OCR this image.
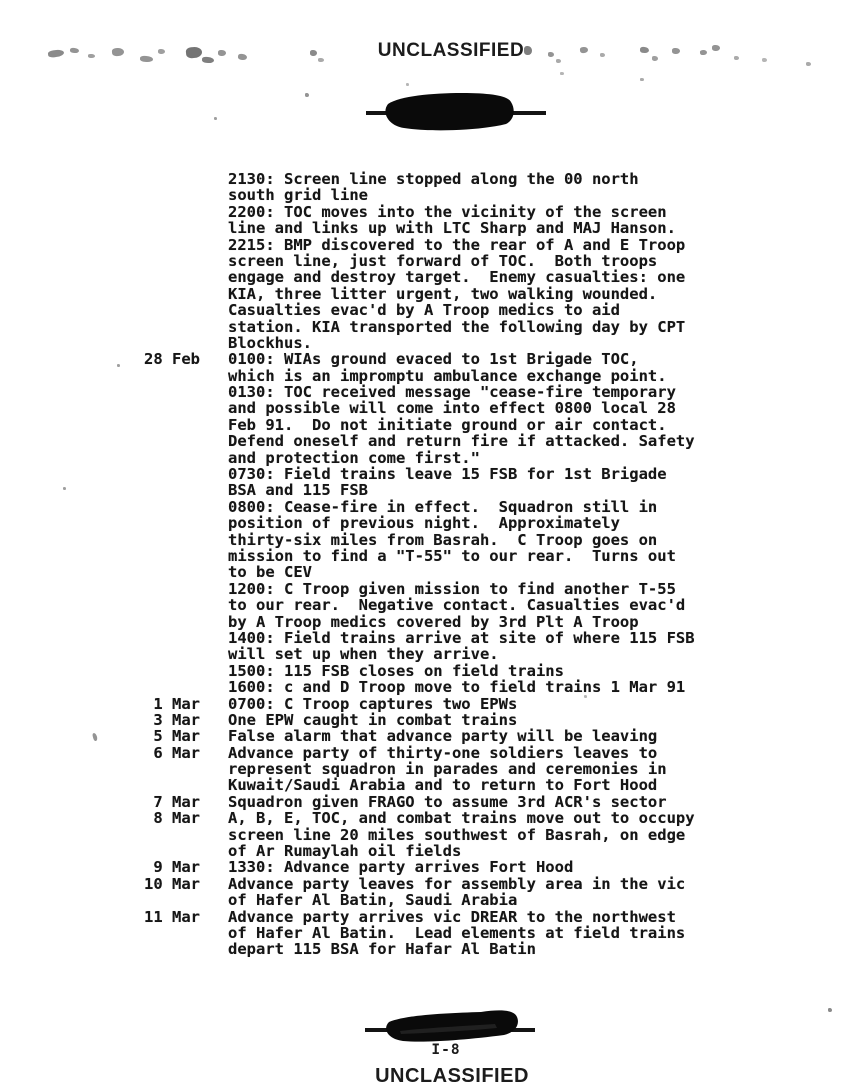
UNCLASSIFIED
2130: Screen line stopped along the 00 north
south grid line
2200: TOC moves into the vicinity of the screen
line and links up with LTC Sharp and MAJ Hanson.
2215: BMP discovered to the rear of A and E Troop
screen line, just forward of TOC.  Both troops
engage and destroy target.  Enemy casualties: one
KIA, three litter urgent, two walking wounded.
Casualties evac'd by A Troop medics to aid
station. KIA transported the following day by CPT
Blockhus.
28 Feb 0100: WIAs ground evaced to 1st Brigade TOC,
which is an impromptu ambulance exchange point.
0130: TOC received message "cease-fire temporary
and possible will come into effect 0800 local 28
Feb 91.  Do not initiate ground or air contact.
Defend oneself and return fire if attacked. Safety
and protection come first."
0730: Field trains leave 15 FSB for 1st Brigade
BSA and 115 FSB
0800: Cease-fire in effect.  Squadron still in
position of previous night.  Approximately
thirty-six miles from Basrah.  C Troop goes on
mission to find a "T-55" to our rear.  Turns out
to be CEV
1200: C Troop given mission to find another T-55
to our rear.  Negative contact. Casualties evac'd
by A Troop medics covered by 3rd Plt A Troop
1400: Field trains arrive at site of where 115 FSB
will set up when they arrive.
1500: 115 FSB closes on field trains
1600: c and D Troop move to field trains 1 Mar 91
1 Mar 0700: C Troop captures two EPWs
3 Mar One EPW caught in combat trains
5 Mar False alarm that advance party will be leaving
6 Mar Advance party of thirty-one soldiers leaves to
represent squadron in parades and ceremonies in
Kuwait/Saudi Arabia and to return to Fort Hood
7 Mar Squadron given FRAGO to assume 3rd ACR's sector
8 Mar A, B, E, TOC, and combat trains move out to occupy
screen line 20 miles southwest of Basrah, on edge
of Ar Rumaylah oil fields
9 Mar 1330: Advance party arrives Fort Hood
10 Mar Advance party leaves for assembly area in the vic
of Hafer Al Batin, Saudi Arabia
11 Mar Advance party arrives vic DREAR to the northwest
of Hafer Al Batin.  Lead elements at field trains
depart 115 BSA for Hafar Al Batin
I-8
UNCLASSIFIED
